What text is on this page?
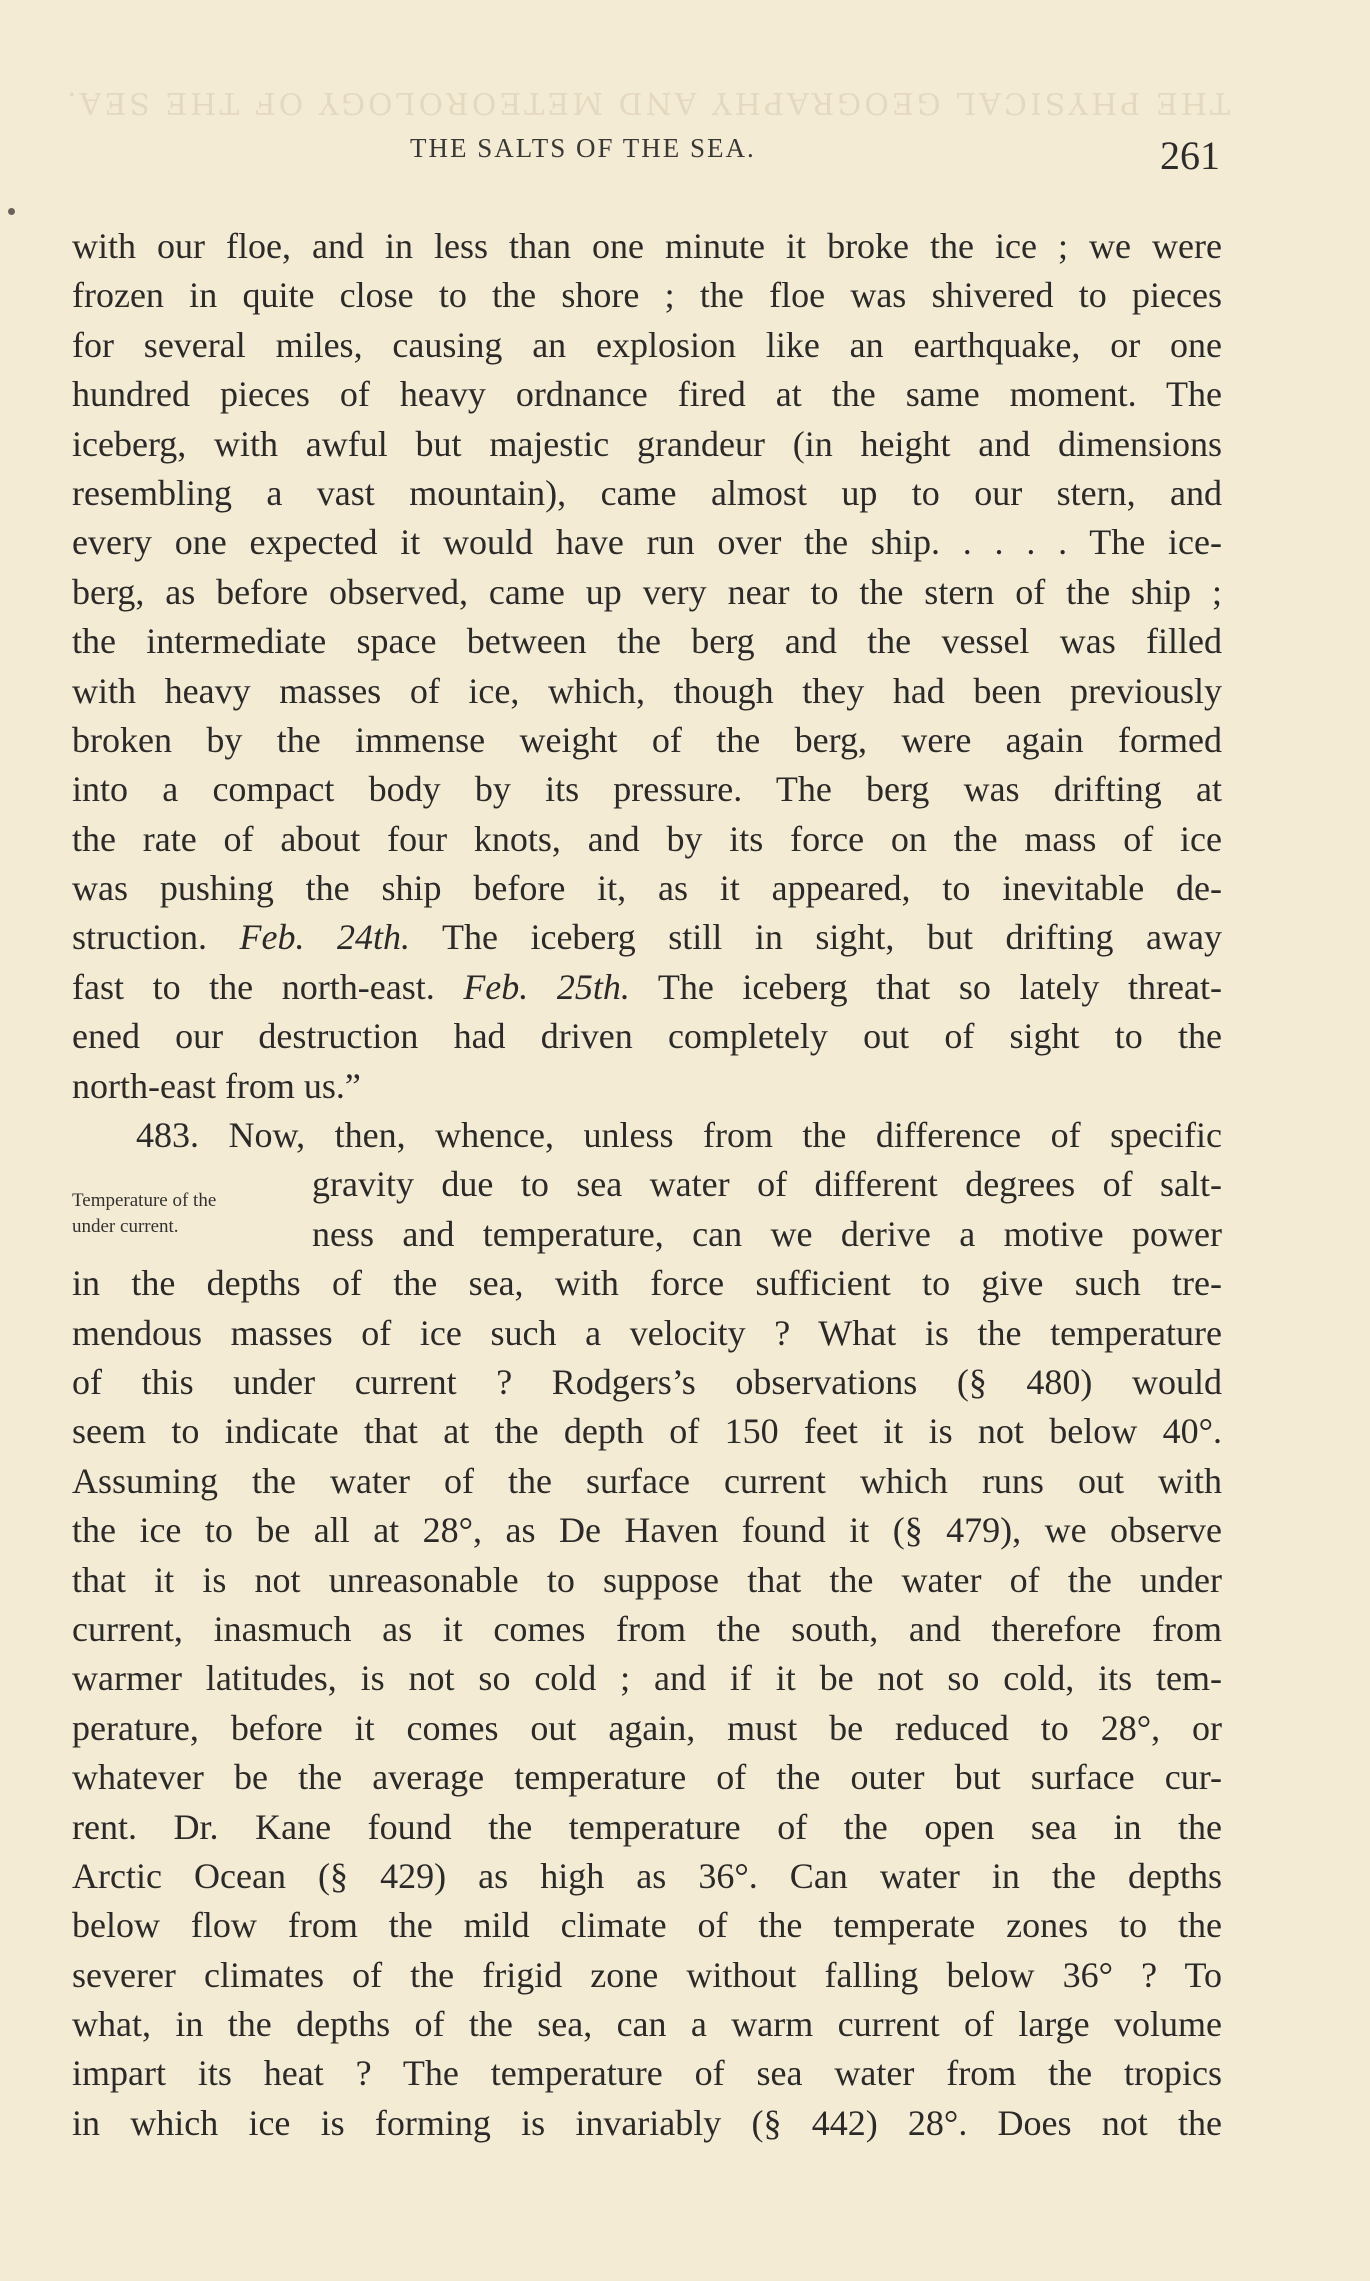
THE PHYSICAL GEOGRAPHY AND METEOROLOGY OF THE SEA.
THE SALTS OF THE SEA.	261
Temperature of the
under current.
with our floe, and in less than one minute it broke the ice ; we were
frozen in quite close to the shore ; the floe was shivered to pieces
for several miles, causing an explosion like an earthquake, or one
hundred pieces of heavy ordnance fired at the same moment. The
iceberg, with awful but majestic grandeur (in height and dimensions
resembling a vast mountain), came almost up to our stern, and
every one expected it would have run over the ship. . . . . The ice-
berg, as before observed, came up very near to the stern of the ship ;
the intermediate space between the berg and the vessel was filled
with heavy masses of ice, which, though they had been previously
broken by the immense weight of the berg, were again formed
into a compact body by its pressure. The berg was drifting at
the rate of about four knots, and by its force on the mass of ice
was pushing the ship before it, as it appeared, to inevitable de-
struction. Feb. 24th. The iceberg still in sight, but drifting away
fast to the north-east. Feb. 25th. The iceberg that so lately threat-
ened our destruction had driven completely out of sight to the
north-east from us.”
483. Now, then, whence, unless from the difference of specific
gravity due to sea water of different degrees of salt-
ness and temperature, can we derive a motive power
in the depths of the sea, with force sufficient to give such tre-
mendous masses of ice such a velocity ? What is the temperature
of this under current ? Rodgers’s observations (§ 480) would
seem to indicate that at the depth of 150 feet it is not below 40°.
Assuming the water of the surface current which runs out with
the ice to be all at 28°, as De Haven found it (§ 479), we observe
that it is not unreasonable to suppose that the water of the under
current, inasmuch as it comes from the south, and therefore from
warmer latitudes, is not so cold ; and if it be not so cold, its tem-
perature, before it comes out again, must be reduced to 28°, or
whatever be the average temperature of the outer but surface cur-
rent. Dr. Kane found the temperature of the open sea in the
Arctic Ocean (§ 429) as high as 36°. Can water in the depths
below flow from the mild climate of the temperate zones to the
severer climates of the frigid zone without falling below 36° ? To
what, in the depths of the sea, can a warm current of large volume
impart its heat ? The temperature of sea water from the tropics
in which ice is forming is invariably (§ 442) 28°. Does not the
